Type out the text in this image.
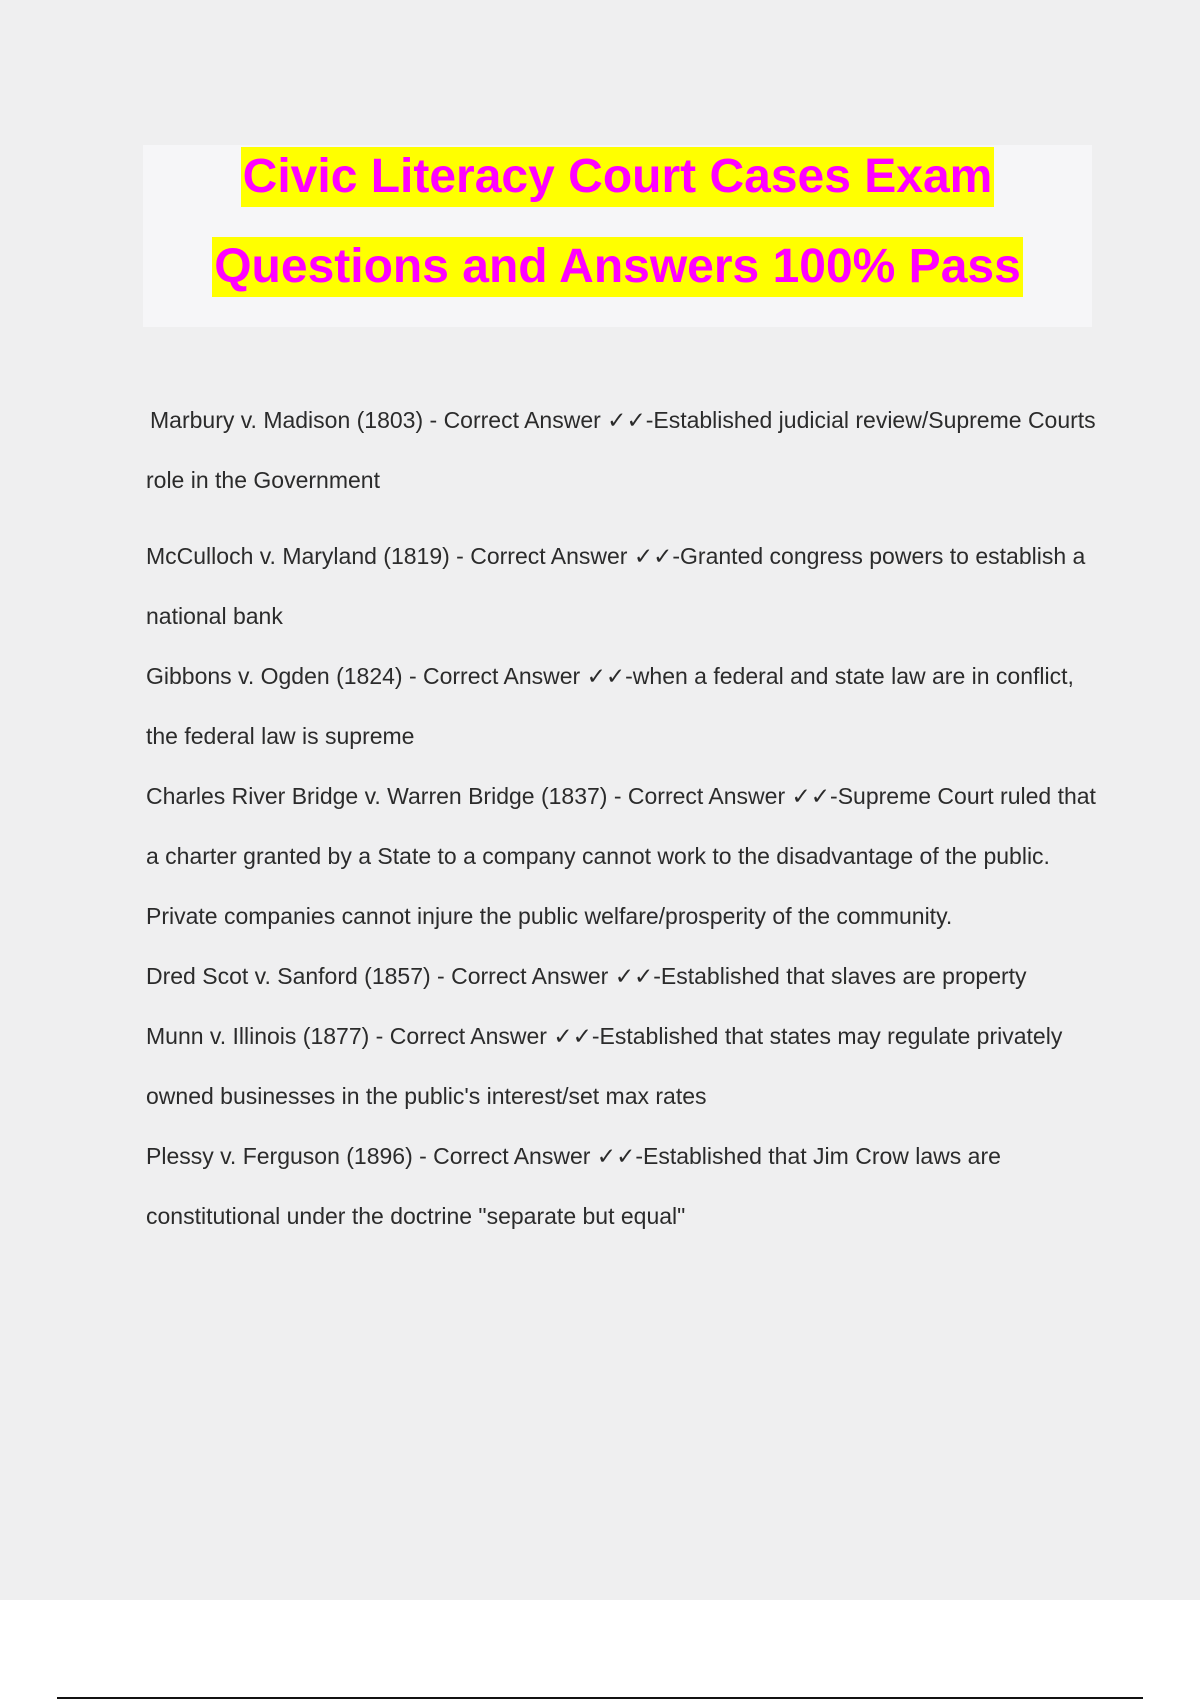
Civic Literacy Court Cases Exam
Questions and Answers 100% Pass

Marbury v. Madison (1803) - Correct Answer ✓✓-Established judicial review/Supreme Courts role in the Government

McCulloch v. Maryland (1819) - Correct Answer ✓✓-Granted congress powers to establish a national bank

Gibbons v. Ogden (1824) - Correct Answer ✓✓-when a federal and state law are in conflict, the federal law is supreme

Charles River Bridge v. Warren Bridge (1837) - Correct Answer ✓✓-Supreme Court ruled that a charter granted by a State to a company cannot work to the disadvantage of the public. Private companies cannot injure the public welfare/prosperity of the community.

Dred Scot v. Sanford (1857) - Correct Answer ✓✓-Established that slaves are property

Munn v. Illinois (1877) - Correct Answer ✓✓-Established that states may regulate privately owned businesses in the public's interest/set max rates

Plessy v. Ferguson (1896) - Correct Answer ✓✓-Established that Jim Crow laws are constitutional under the doctrine "separate but equal"
